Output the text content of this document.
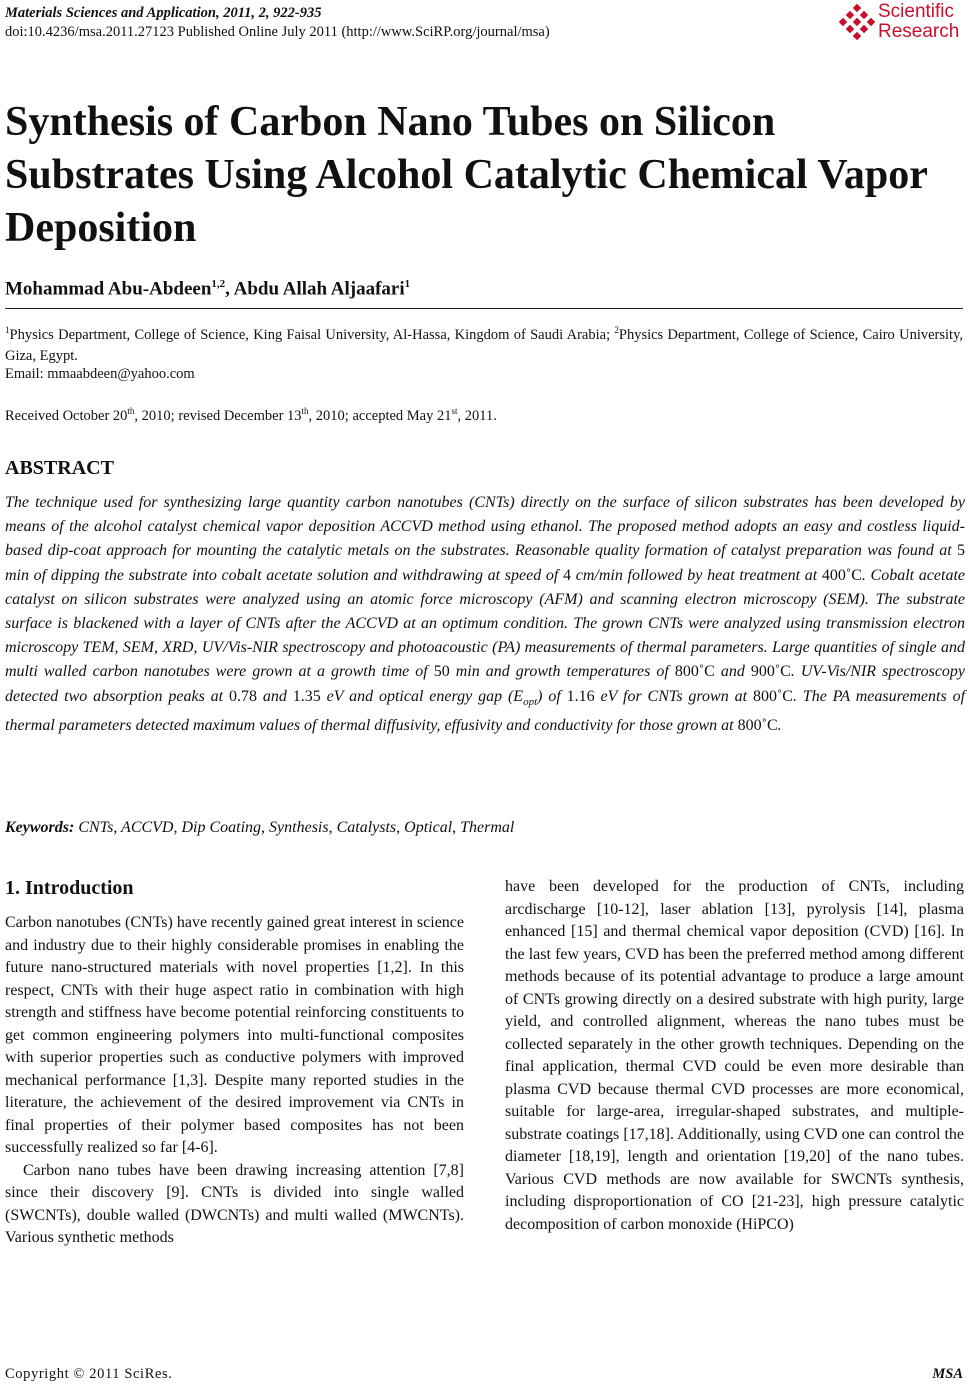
Materials Sciences and Application, 2011, 2, 922-935
doi:10.4236/msa.2011.27123 Published Online July 2011 (http://www.SciRP.org/journal/msa)
Scientific
Research
Synthesis of Carbon Nano Tubes on Silicon Substrates Using Alcohol Catalytic Chemical Vapor Deposition
Mohammad Abu-Abdeen$^{1,2}$, Abdu Allah Aljaafari$^1$
$^1$Physics Department, College of Science, King Faisal University, Al-Hassa, Kingdom of Saudi Arabia; $^2$Physics Department, College of Science, Cairo University, Giza, Egypt.
Email: mmaabdeen@yahoo.com
Received October 20th, 2010; revised December 13th, 2010; accepted May 21st, 2011.
ABSTRACT
The technique used for synthesizing large quantity carbon nanotubes (CNTs) directly on the surface of silicon substrates has been developed by means of the alcohol catalyst chemical vapor deposition ACCVD method using ethanol. The proposed method adopts an easy and costless liquid-based dip-coat approach for mounting the catalytic metals on the substrates. Reasonable quality formation of catalyst preparation was found at 5 min of dipping the substrate into cobalt acetate solution and withdrawing at speed of 4 cm/min followed by heat treatment at 400˚C. Cobalt acetate catalyst on silicon substrates were analyzed using an atomic force microscopy (AFM) and scanning electron microscopy (SEM). The substrate surface is blackened with a layer of CNTs after the ACCVD at an optimum condition. The grown CNTs were analyzed using transmission electron microscopy TEM, SEM, XRD, UV/Vis-NIR spectroscopy and photoacoustic (PA) measurements of thermal parameters. Large quantities of single and multi walled carbon nanotubes were grown at a growth time of 50 min and growth temperatures of 800˚C and 900˚C. UV-Vis/NIR spectroscopy detected two absorption peaks at 0.78 and 1.35 eV and optical energy gap $(E_{opt})$ of 1.16 eV for CNTs grown at 800˚C. The PA measurements of thermal parameters detected maximum values of thermal diffusivity, effusivity and conductivity for those grown at 800˚C.
Keywords: CNTs, ACCVD, Dip Coating, Synthesis, Catalysts, Optical, Thermal
1. Introduction

Carbon nanotubes (CNTs) have recently gained great interest in science and industry due to their highly considerable promises in enabling the future nano-structured materials with novel properties [1,2]. In this respect, CNTs with their huge aspect ratio in combination with high strength and stiffness have become potential reinforcing constituents to get common engineering polymers into multi-functional composites with superior properties such as conductive polymers with improved mechanical performance [1,3]. Despite many reported studies in the literature, the achievement of the desired improvement via CNTs in final properties of their polymer based composites has not been successfully realized so far [4-6].

Carbon nano tubes have been drawing increasing attention [7,8] since their discovery [9]. CNTs is divided into single walled (SWCNTs), double walled (DWCNTs) and multi walled (MWCNTs). Various synthetic methods

have been developed for the production of CNTs, including arcdischarge [10-12], laser ablation [13], pyrolysis [14], plasma enhanced [15] and thermal chemical vapor deposition (CVD) [16]. In the last few years, CVD has been the preferred method among different methods because of its potential advantage to produce a large amount of CNTs growing directly on a desired substrate with high purity, large yield, and controlled alignment, whereas the nano tubes must be collected separately in the other growth techniques. Depending on the final application, thermal CVD could be even more desirable than plasma CVD because thermal CVD processes are more economical, suitable for large-area, irregular-shaped substrates, and multiple-substrate coatings [17,18]. Additionally, using CVD one can control the diameter [18,19], length and orientation [19,20] of the nano tubes. Various CVD methods are now available for SWCNTs synthesis, including disproportionation of CO [21-23], high pressure catalytic decomposition of carbon monoxide (HiPCO)

Copyright © 2011 SciRes.	MSA
